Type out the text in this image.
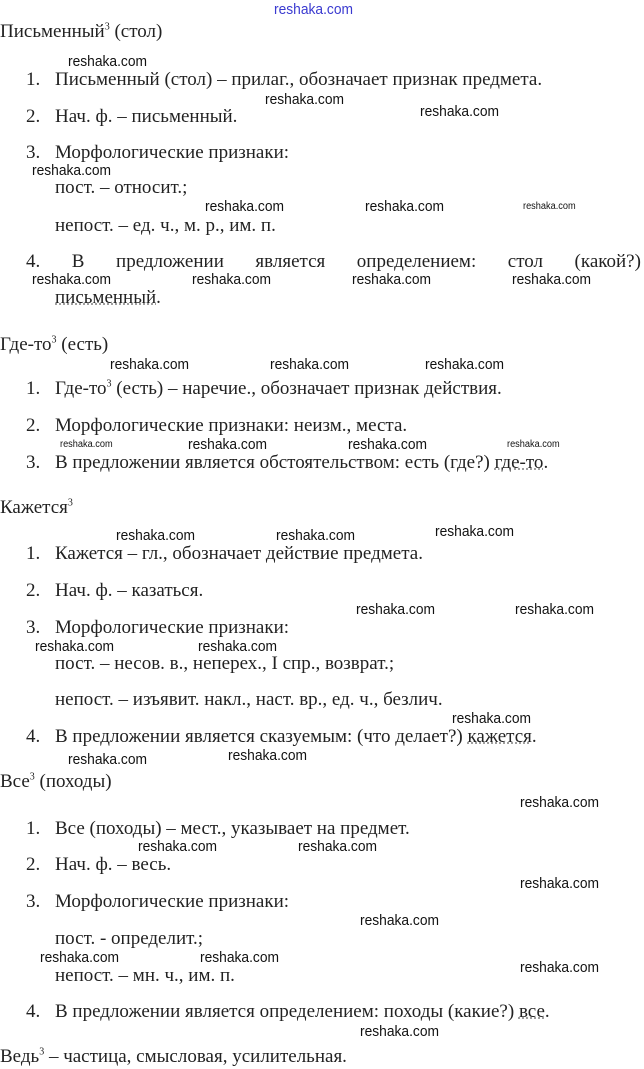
Письменный$^3$ (стол)
1. Письменный (стол) – прилаг., обозначает признак предмета.
2. Нач. ф. – письменный.
3. Морфологические признаки:
пост. – относит.;
непост. – ед. ч., м. р., им. п.
4. В предложении является определением: стол (какой?)
письменный.
Где-$то^3$ (есть)
1. Где-$то^3$ (есть) – наречие., обозначает признак действия.
2. Морфологические признаки: неизм., места.
3. В предложении является обстоятельством: есть (где?) где-то.
Кажется$^3$
1. Кажется – гл., обозначает действие предмета.
2. Нач. ф. – казаться.
3. Морфологические признаки:
пост. – несов. в., неперех., I спр., возврат.;
непост. – изъявит. накл., наст. вр., ед. ч., безлич.
4. В предложении является сказуемым: (что делает?) кажется.
Все$^3$ (походы)
1. Все (походы) – мест., указывает на предмет.
2. Нач. ф. – весь.
3. Морфологические признаки:
пост. - определит.;
непост. – мн. ч., им. п.
4. В предложении является определением: походы (какие?) все.
Ведь$^3$ – частица, смысловая, усилительная.
reshaka.com
reshaka.com
reshaka.com
reshaka.com
reshaka.com
reshaka.com	reshaka.com	reshaka.com
reshaka.com	reshaka.com	reshaka.com	reshaka.com
reshaka.com	reshaka.com	reshaka.com
reshaka.com	reshaka.com	reshaka.com	reshaka.com
reshaka.com	reshaka.com	reshaka.com
reshaka.com	reshaka.com
reshaka.com	reshaka.com
reshaka.com
reshaka.com	reshaka.com
reshaka.com
reshaka.com	reshaka.com
reshaka.com
reshaka.com
reshaka.com	reshaka.com
reshaka.com
reshaka.com
